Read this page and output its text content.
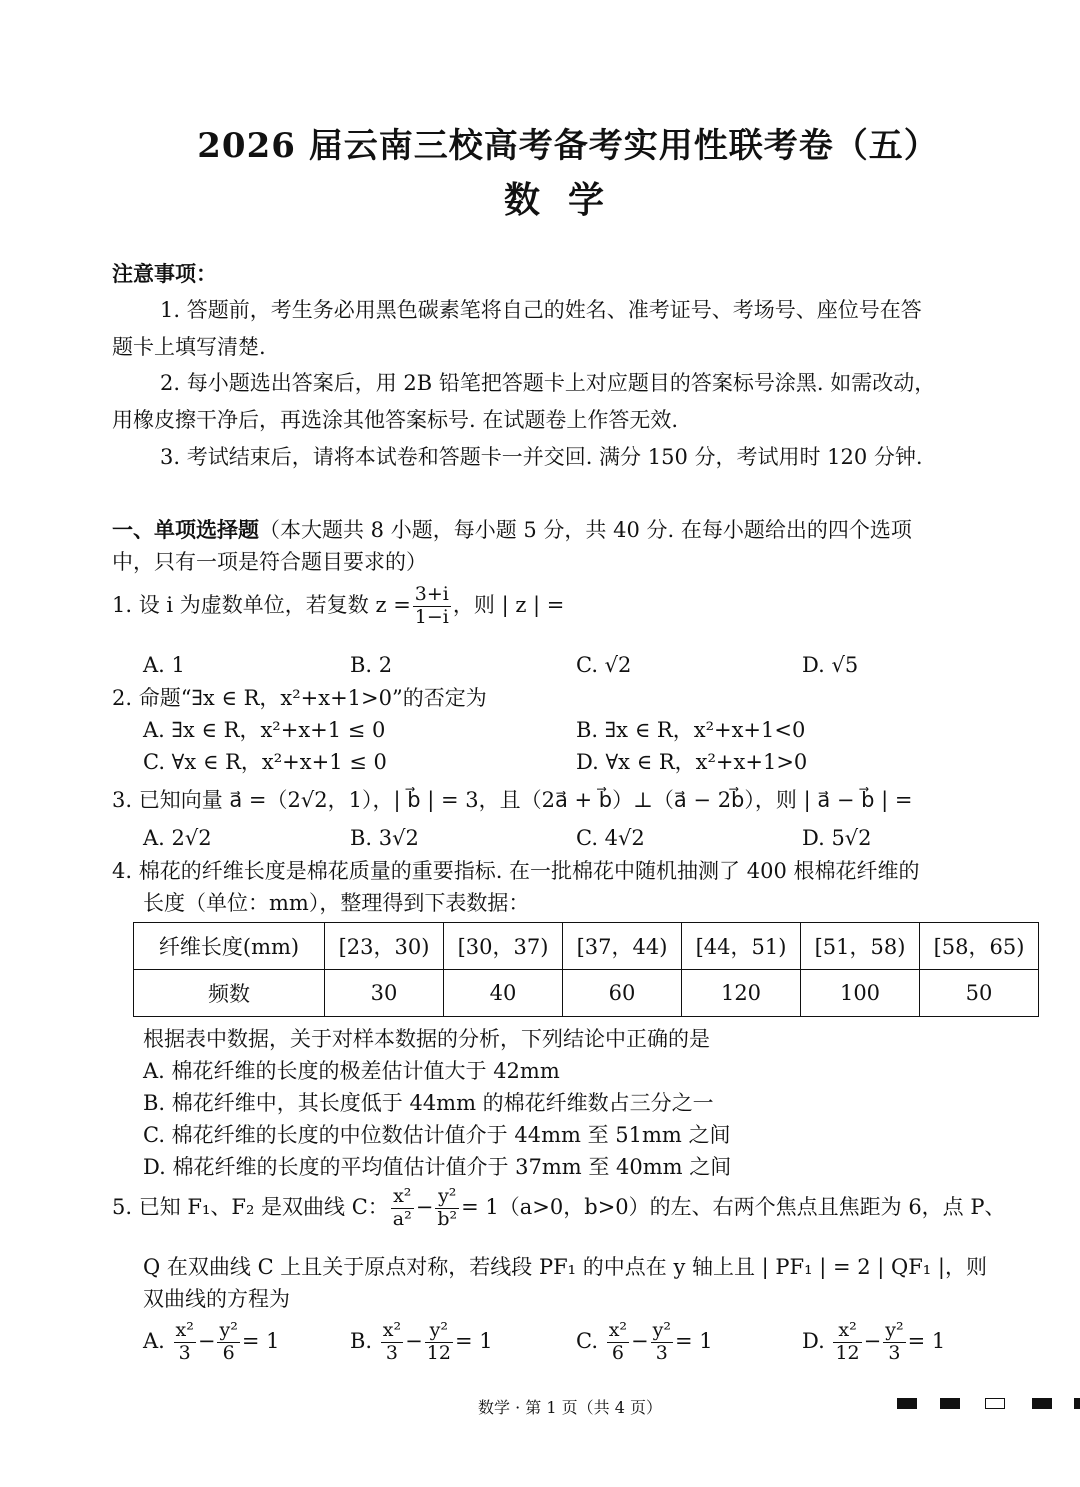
2026 届云南三校高考备考实用性联考卷（五）
数学
注意事项：
1. 答题前，考生务必用黑色碳素笔将自己的姓名、准考证号、考场号、座位号在答
题卡上填写清楚.
2. 每小题选出答案后，用 2B 铅笔把答题卡上对应题目的答案标号涂黑. 如需改动，
用橡皮擦干净后，再选涂其他答案标号. 在试题卷上作答无效.
3. 考试结束后，请将本试卷和答题卡一并交回. 满分 150 分，考试用时 120 分钟.
一、单项选择题（本大题共 8 小题，每小题 5 分，共 40 分. 在每小题给出的四个选项
中，只有一项是符合题目要求的）
1. 设 i 为虚数单位，若复数 $z = \frac{3+i}{1-i}$ ，则 | z | =
A. 1	B. 2	C. √2	D. √5
2. 命题“∃x ∈ R，x²+x+1>0”的否定为
A. ∃x ∈ R，x²+x+1 ≤ 0	B. ∃x ∈ R，x²+x+1<0
C. ∀x ∈ R，x²+x+1 ≤ 0	D. ∀x ∈ R，x²+x+1>0
3. 已知向量 a⃗ =（2√2，1），| b⃗ | = 3，且（2a⃗ + b⃗）⊥（a⃗ − 2b⃗），则 | a⃗ − b⃗ | =
A. 2√2	B. 3√2	C. 4√2	D. 5√2
4. 棉花的纤维长度是棉花质量的重要指标. 在一批棉花中随机抽测了 400 根棉花纤维的
长度（单位：mm），整理得到下表数据：
纤维长度(mm)	[23，30)	[30，37)	[37，44)	[44，51)	[51，58)	[58，65)
频数	30	40	60	120	100	50
根据表中数据，关于对样本数据的分析，下列结论中正确的是
A. 棉花纤维的长度的极差估计值大于 42mm
B. 棉花纤维中，其长度低于 44mm 的棉花纤维数占三分之一
C. 棉花纤维的长度的中位数估计值介于 44mm 至 51mm 之间
D. 棉花纤维的长度的平均值估计值介于 37mm 至 40mm 之间
5. 已知 F₁、F₂ 是双曲线 C： $\frac{\text{x²}}{\text{a²}} - \frac{\text{y²}}{\text{b²}} = 1(a>0$，b>0）的左、右两个焦点且焦距为 6，点 P、
Q 在双曲线 C 上且关于原点对称，若线段 PF₁ 的中点在 y 轴上且 | PF₁ | = 2 | QF₁ |，则
双曲线的方程为
A. $\frac{\text{x²}}{3} - \frac{\text{y²}}{6} = 1$	B. $\frac{\text{x²}}{3} - \frac{\text{y²}}{12} = 1$	C. $\frac{\text{x²}}{6} - \frac{\text{y²}}{3} = 1$	D. $\frac{\text{x²}}{12} - \frac{\text{y²}}{3} = 1$
数学 · 第 1 页（共 4 页）
